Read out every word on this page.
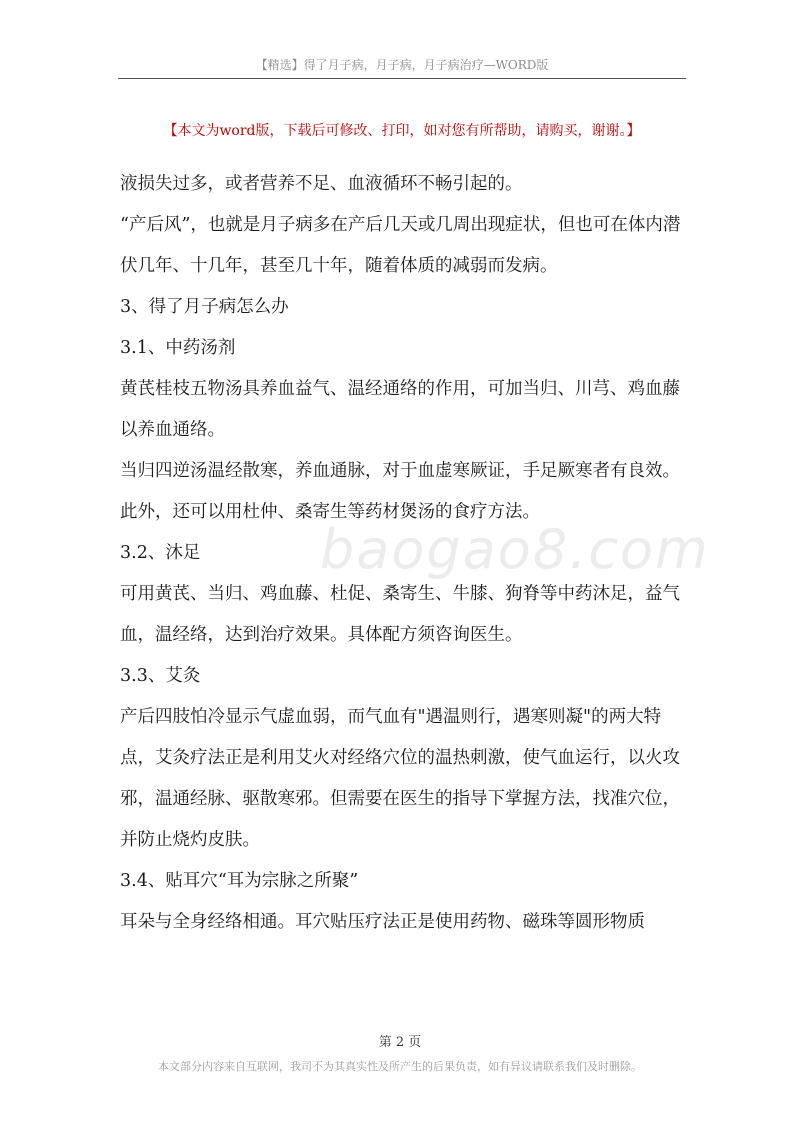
【精选】得了月子病，月子病，月子病治疗—WORD版
【本文为word版，下载后可修改、打印，如对您有所帮助，请购买，谢谢。】
baogao8.com

液损失过多，或者营养不足、血液循环不畅引起的。

“产后风”，也就是月子病多在产后几天或几周出现症状，但也可在体内潜伏几年、十几年，甚至几十年，随着体质的减弱而发病。

3、得了月子病怎么办

3.1、中药汤剂

黄芪桂枝五物汤具养血益气、温经通络的作用，可加当归、川芎、鸡血藤以养血通络。

当归四逆汤温经散寒，养血通脉，对于血虚寒厥证，手足厥寒者有良效。

此外，还可以用杜仲、桑寄生等药材煲汤的食疗方法。

3.2、沐足

可用黄芪、当归、鸡血藤、杜促、桑寄生、牛膝、狗脊等中药沐足，益气血，温经络，达到治疗效果。具体配方须咨询医生。

3.3、艾灸

产后四肢怕冷显示气虚血弱，而气血有"遇温则行，遇寒则凝"的两大特点，艾灸疗法正是利用艾火对经络穴位的温热刺激，使气血运行，以火攻邪，温通经脉、驱散寒邪。但需要在医生的指导下掌握方法，找准穴位，并防止烧灼皮肤。

3.4、贴耳穴“耳为宗脉之所聚”

耳朵与全身经络相通。耳穴贴压疗法正是使用药物、磁珠等圆形物质

第 2 页
本文部分内容来自互联网，我司不为其真实性及所产生的后果负责，如有异议请联系我们及时删除。
